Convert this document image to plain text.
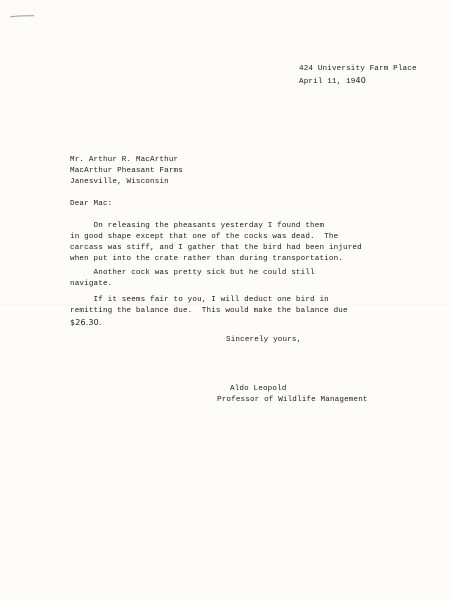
424 University Farm Place
April 11, 1940
Mr. Arthur R. MacArthur
MacArthur Pheasant Farms
Janesville, Wisconsin
Dear Mac:
On releasing the pheasants yesterday I found them
in good shape except that one of the cocks was dead.  The
carcass was stiff, and I gather that the bird had been injured
when put into the crate rather than during transportation.
Another cock was pretty sick but he could still
navigate.
If it seems fair to you, I will deduct one bird in
remitting the balance due.  This would make the balance due
$26.30.
Sincerely yours,
Aldo Leopold
Professor of Wildlife Management
